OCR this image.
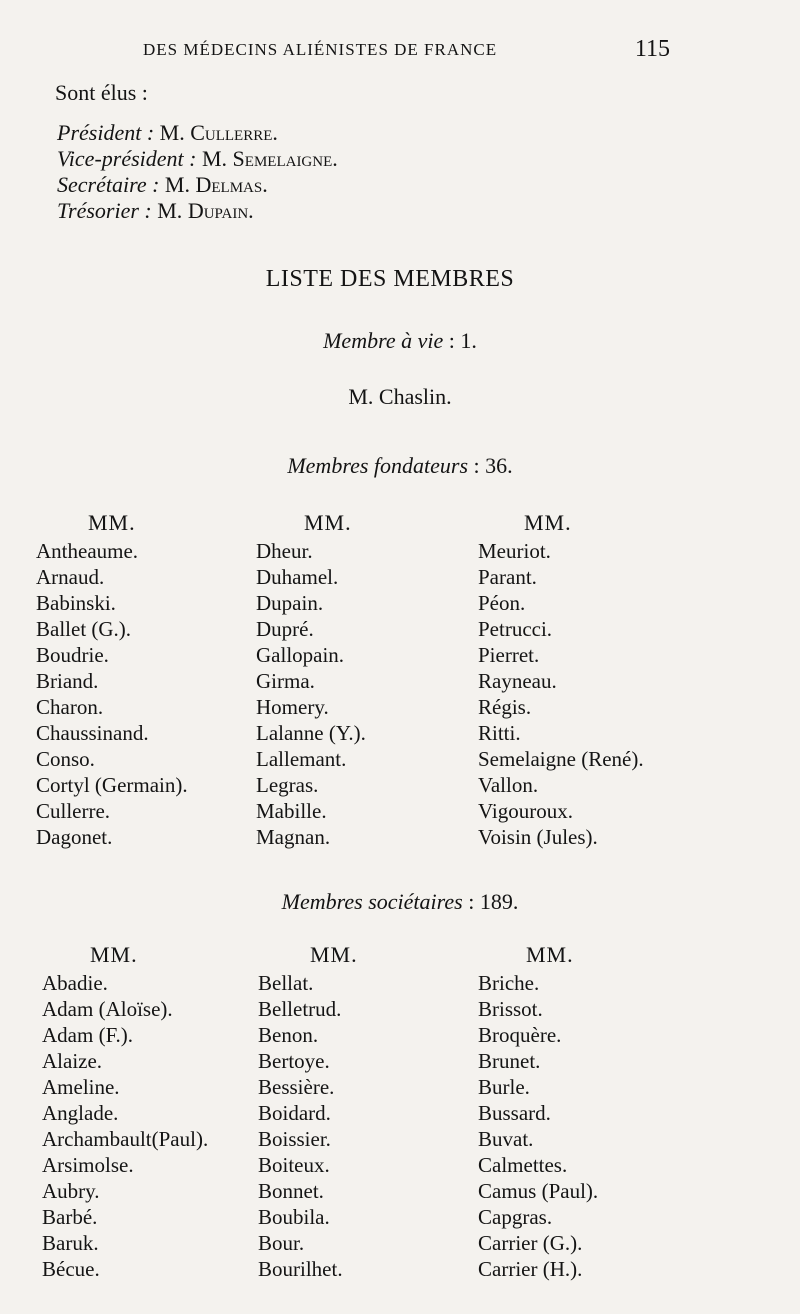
DES MÉDECINS ALIÉNISTES DE FRANCE	115
Sont élus :
Président : M. Cullerre.
Vice-président : M. Semelaigne.
Secrétaire : M. Delmas.
Trésorier : M. Dupain.
LISTE DES MEMBRES
Membre à vie : 1.
M. Chaslin.
Membres fondateurs : 36.
MM.
Antheaume.
Arnaud.
Babinski.
Ballet (G.).
Boudrie.
Briand.
Charon.
Chaussinand.
Conso.
Cortyl (Germain).
Cullerre.
Dagonet.
MM.
Dheur.
Duhamel.
Dupain.
Dupré.
Gallopain.
Girma.
Homery.
Lalanne (Y.).
Lallemant.
Legras.
Mabille.
Magnan.
MM.
Meuriot.
Parant.
Péon.
Petrucci.
Pierret.
Rayneau.
Régis.
Ritti.
Semelaigne (René).
Vallon.
Vigouroux.
Voisin (Jules).
Membres sociétaires : 189.
MM.
Abadie.
Adam (Aloïse).
Adam (F.).
Alaize.
Ameline.
Anglade.
Archambault(Paul).
Arsimolse.
Aubry.
Barbé.
Baruk.
Bécue.
MM.
Bellat.
Belletrud.
Benon.
Bertoye.
Bessière.
Boidard.
Boissier.
Boiteux.
Bonnet.
Boubila.
Bour.
Bourilhet.
MM.
Briche.
Brissot.
Broquère.
Brunet.
Burle.
Bussard.
Buvat.
Calmettes.
Camus (Paul).
Capgras.
Carrier (G.).
Carrier (H.).
